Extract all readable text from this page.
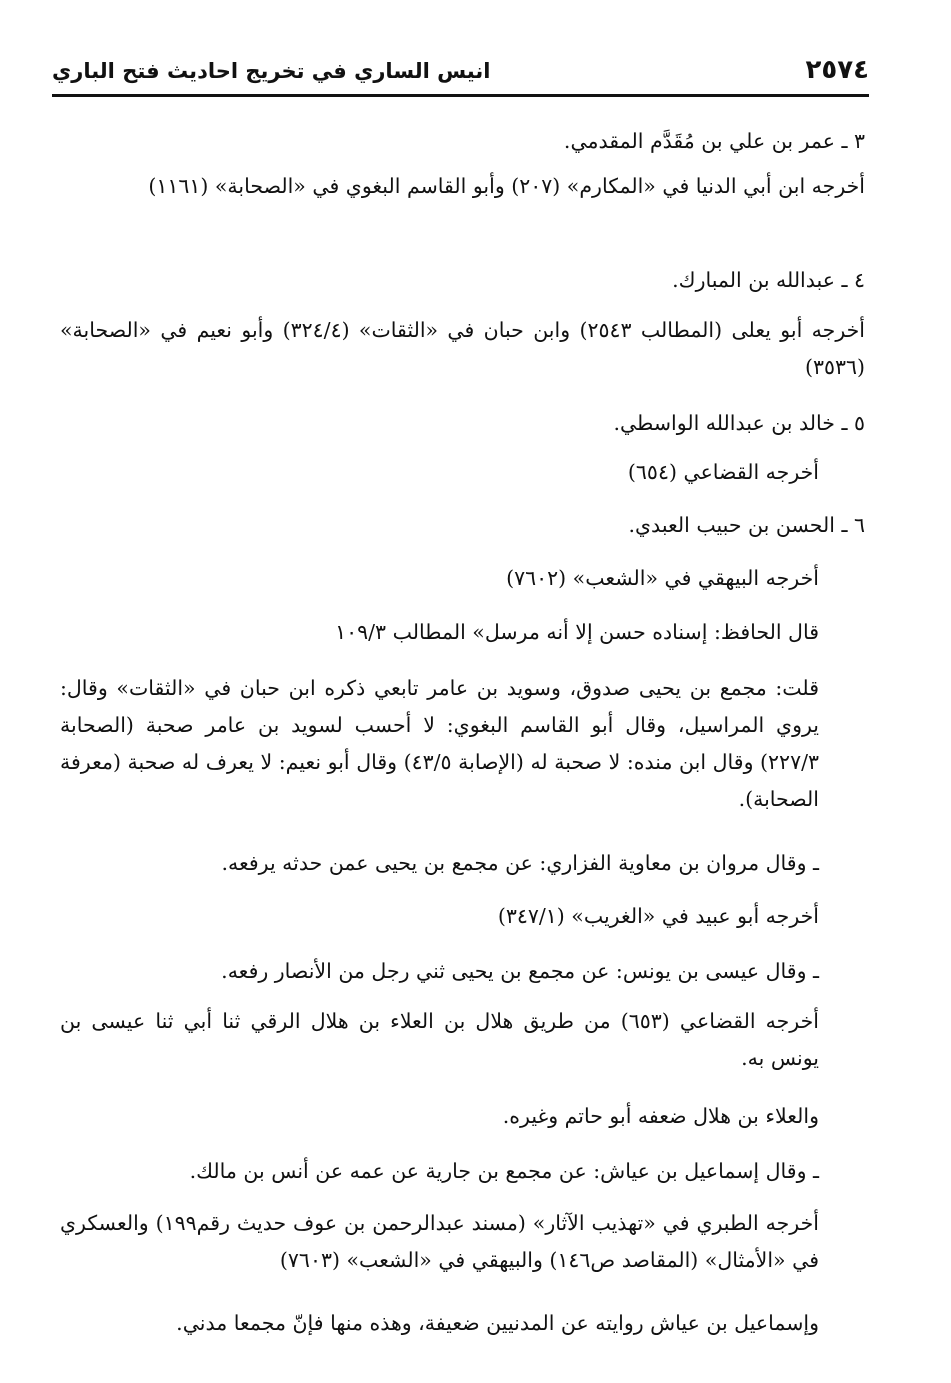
٢٥٧٤
انيس الساري في تخريج احاديث فتح الباري
٣ ـ عمر بن علي بن مُقَدَّم المقدمي.
أخرجه ابن أبي الدنيا في «المكارم» (٢٠٧) وأبو القاسم البغوي في «الصحابة» (١١٦١)
٤ ـ عبدالله بن المبارك.
أخرجه أبو يعلى (المطالب ٢٥٤٣) وابن حبان في «الثقات» (٣٢٤/٤) وأبو نعيم في «الصحابة» (٣٥٣٦)
٥ ـ خالد بن عبدالله الواسطي.
أخرجه القضاعي (٦٥٤)
٦ ـ الحسن بن حبيب العبدي.
أخرجه البيهقي في «الشعب» (٧٦٠٢)
قال الحافظ: إسناده حسن إلا أنه مرسل» المطالب ١٠٩/٣
قلت: مجمع بن يحيى صدوق، وسويد بن عامر تابعي ذكره ابن حبان في «الثقات» وقال: يروي المراسيل، وقال أبو القاسم البغوي: لا أحسب لسويد بن عامر صحبة (الصحابة ٢٢٧/٣) وقال ابن منده: لا صحبة له (الإصابة ٤٣/٥) وقال أبو نعيم: لا يعرف له صحبة (معرفة الصحابة).
ـ وقال مروان بن معاوية الفزاري: عن مجمع بن يحيى عمن حدثه يرفعه.
أخرجه أبو عبيد في «الغريب» (٣٤٧/١)
ـ وقال عيسى بن يونس: عن مجمع بن يحيى ثني رجل من الأنصار رفعه.
أخرجه القضاعي (٦٥٣) من طريق هلال بن العلاء بن هلال الرقي ثنا أبي ثنا عيسى بن يونس به.
والعلاء بن هلال ضعفه أبو حاتم وغيره.
ـ وقال إسماعيل بن عياش: عن مجمع بن جارية عن عمه عن أنس بن مالك.
أخرجه الطبري في «تهذيب الآثار» (مسند عبدالرحمن بن عوف حديث رقم١٩٩) والعسكري في «الأمثال» (المقاصد ص١٤٦) والبيهقي في «الشعب» (٧٦٠٣)
وإسماعيل بن عياش روايته عن المدنيين ضعيفة، وهذه منها فإنّ مجمعا مدني.
